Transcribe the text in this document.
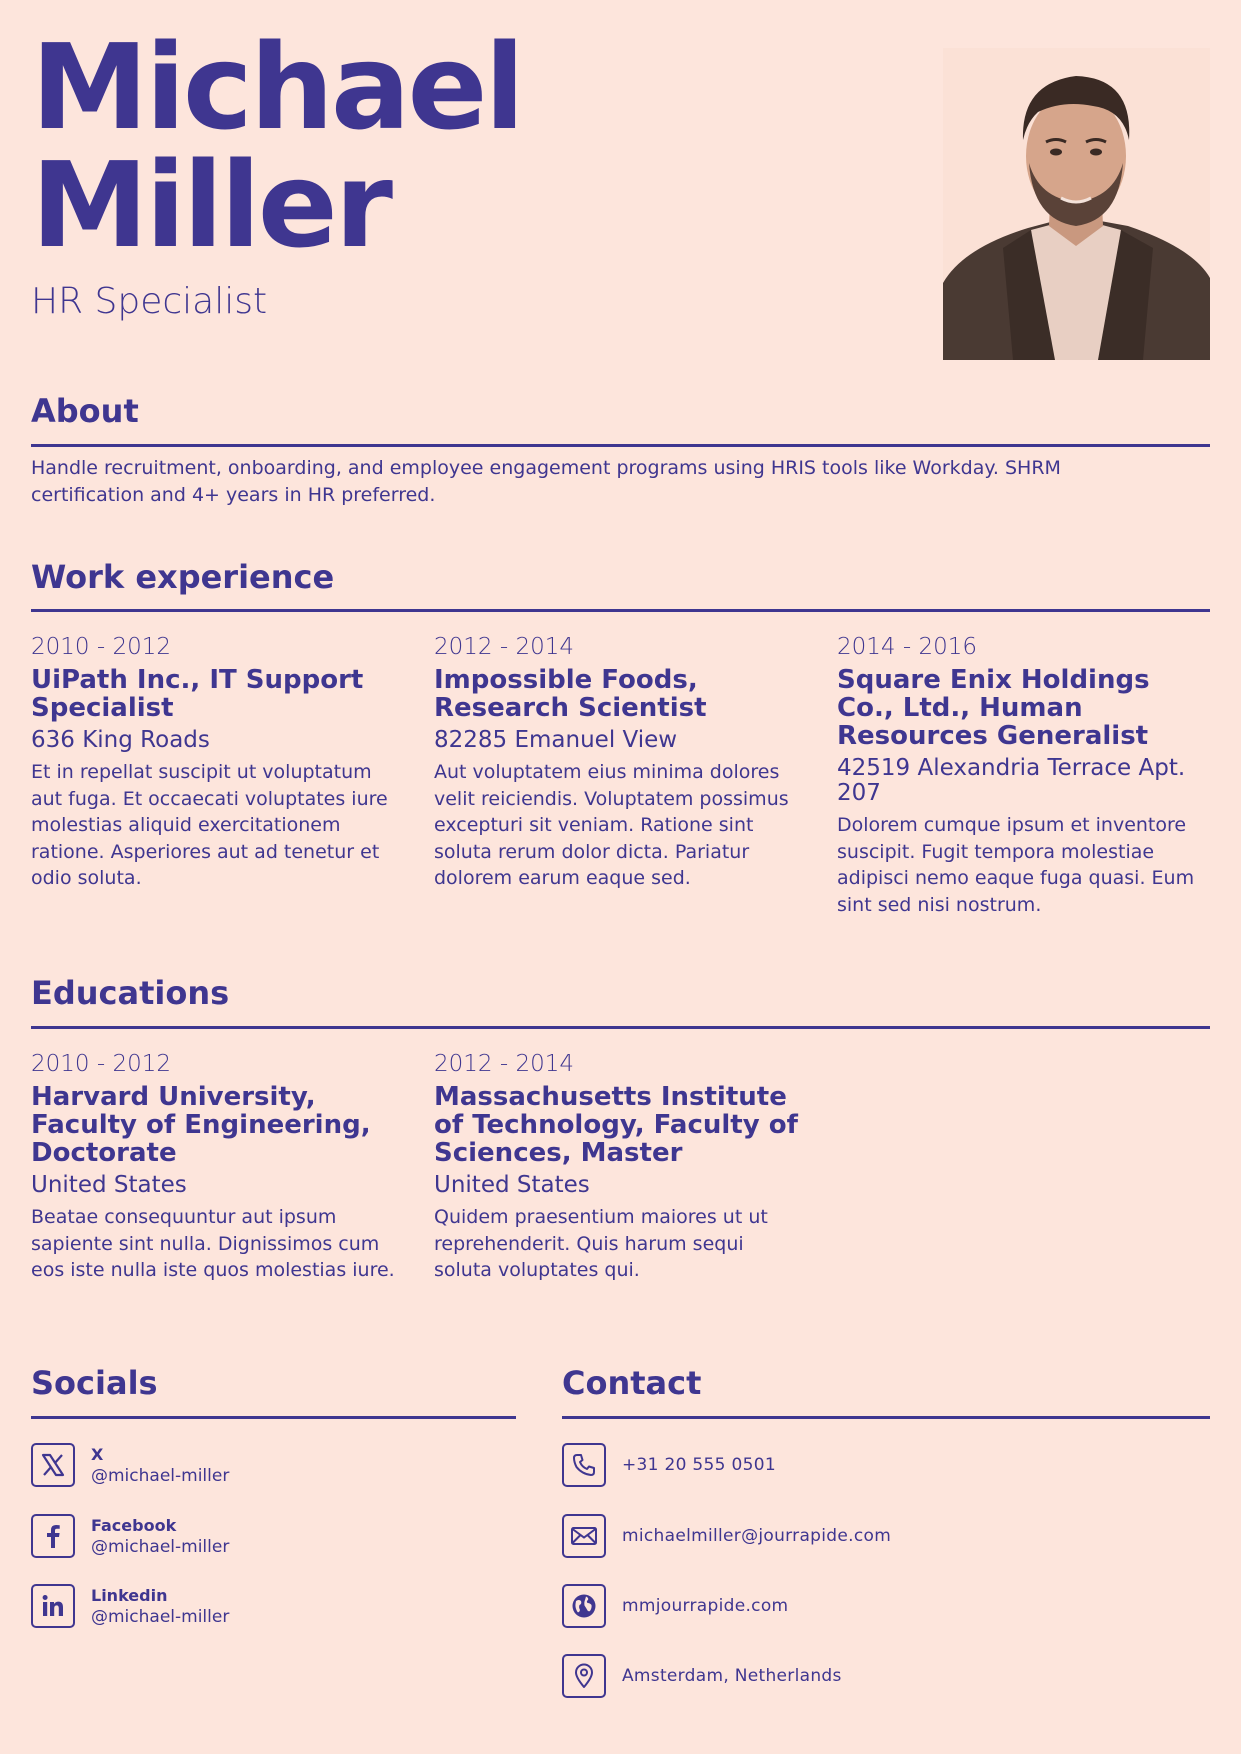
Michael
Miller
HR Specialist
About

Handle recruitment, onboarding, and employee engagement programs using HRIS tools like Workday. SHRM certification and 4+ years in HR preferred.

Work experience
2010 - 2012
UiPath Inc., IT Support Specialist
636 King Roads
Et in repellat suscipit ut voluptatum aut fuga. Et occaecati voluptates iure molestias aliquid exercitationem ratione. Asperiores aut ad tenetur et odio soluta.
2012 - 2014
Impossible Foods, Research Scientist
82285 Emanuel View
Aut voluptatem eius minima dolores velit reiciendis. Voluptatem possimus excepturi sit veniam. Ratione sint soluta rerum dolor dicta. Pariatur dolorem earum eaque sed.
2014 - 2016
Square Enix Holdings Co., Ltd., Human Resources Generalist
42519 Alexandria Terrace Apt. 207
Dolorem cumque ipsum et inventore suscipit. Fugit tempora molestiae adipisci nemo eaque fuga quasi. Eum sint sed nisi nostrum.
Educations
2010 - 2012
Harvard University, Faculty of Engineering, Doctorate
United States
Beatae consequuntur aut ipsum sapiente sint nulla. Dignissimos cum eos iste nulla iste quos molestias iure.
2012 - 2014
Massachusetts Institute of Technology, Faculty of Sciences, Master
United States
Quidem praesentium maiores ut ut reprehenderit. Quis harum sequi soluta voluptates qui.
Socials
X
@michael-miller
Facebook
@michael-miller
Linkedin
@michael-miller
Contact
+31 20 555 0501
michaelmiller@jourrapide.com
mmjourrapide.com
Amsterdam, Netherlands
